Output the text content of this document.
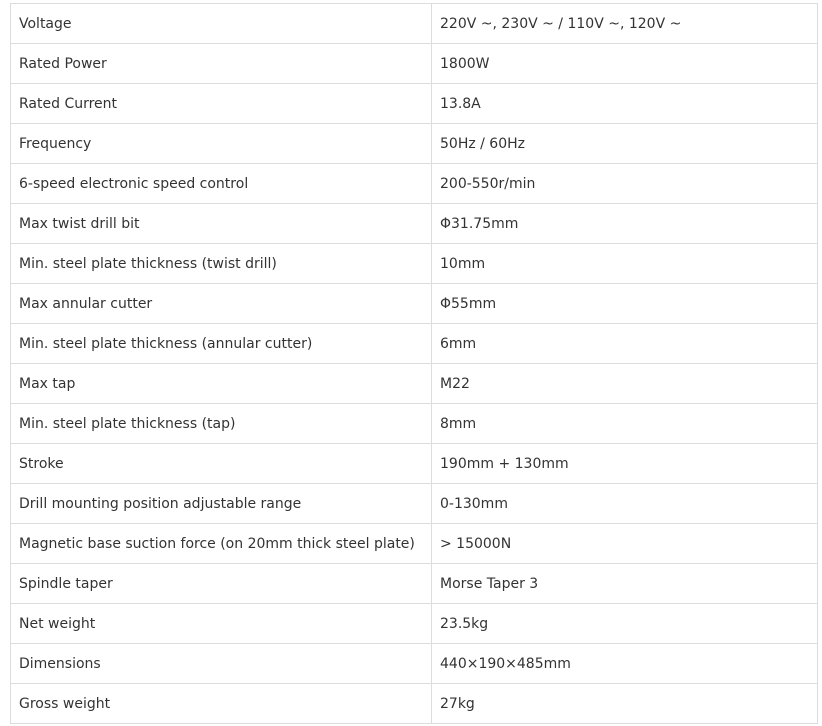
Voltage	220V ~, 230V ~ / 110V ~, 120V ~
Rated Power	1800W
Rated Current	13.8A
Frequency	50Hz / 60Hz
6-speed electronic speed control	200-550r/min
Max twist drill bit	Φ31.75mm
Min. steel plate thickness (twist drill)	10mm
Max annular cutter	Φ55mm
Min. steel plate thickness (annular cutter)	6mm
Max tap	M22
Min. steel plate thickness (tap)	8mm
Stroke	190mm + 130mm
Drill mounting position adjustable range	0-130mm
Magnetic base suction force (on 20mm thick steel plate)	> 15000N
Spindle taper	Morse Taper 3
Net weight	23.5kg
Dimensions	440×190×485mm
Gross weight	27kg
